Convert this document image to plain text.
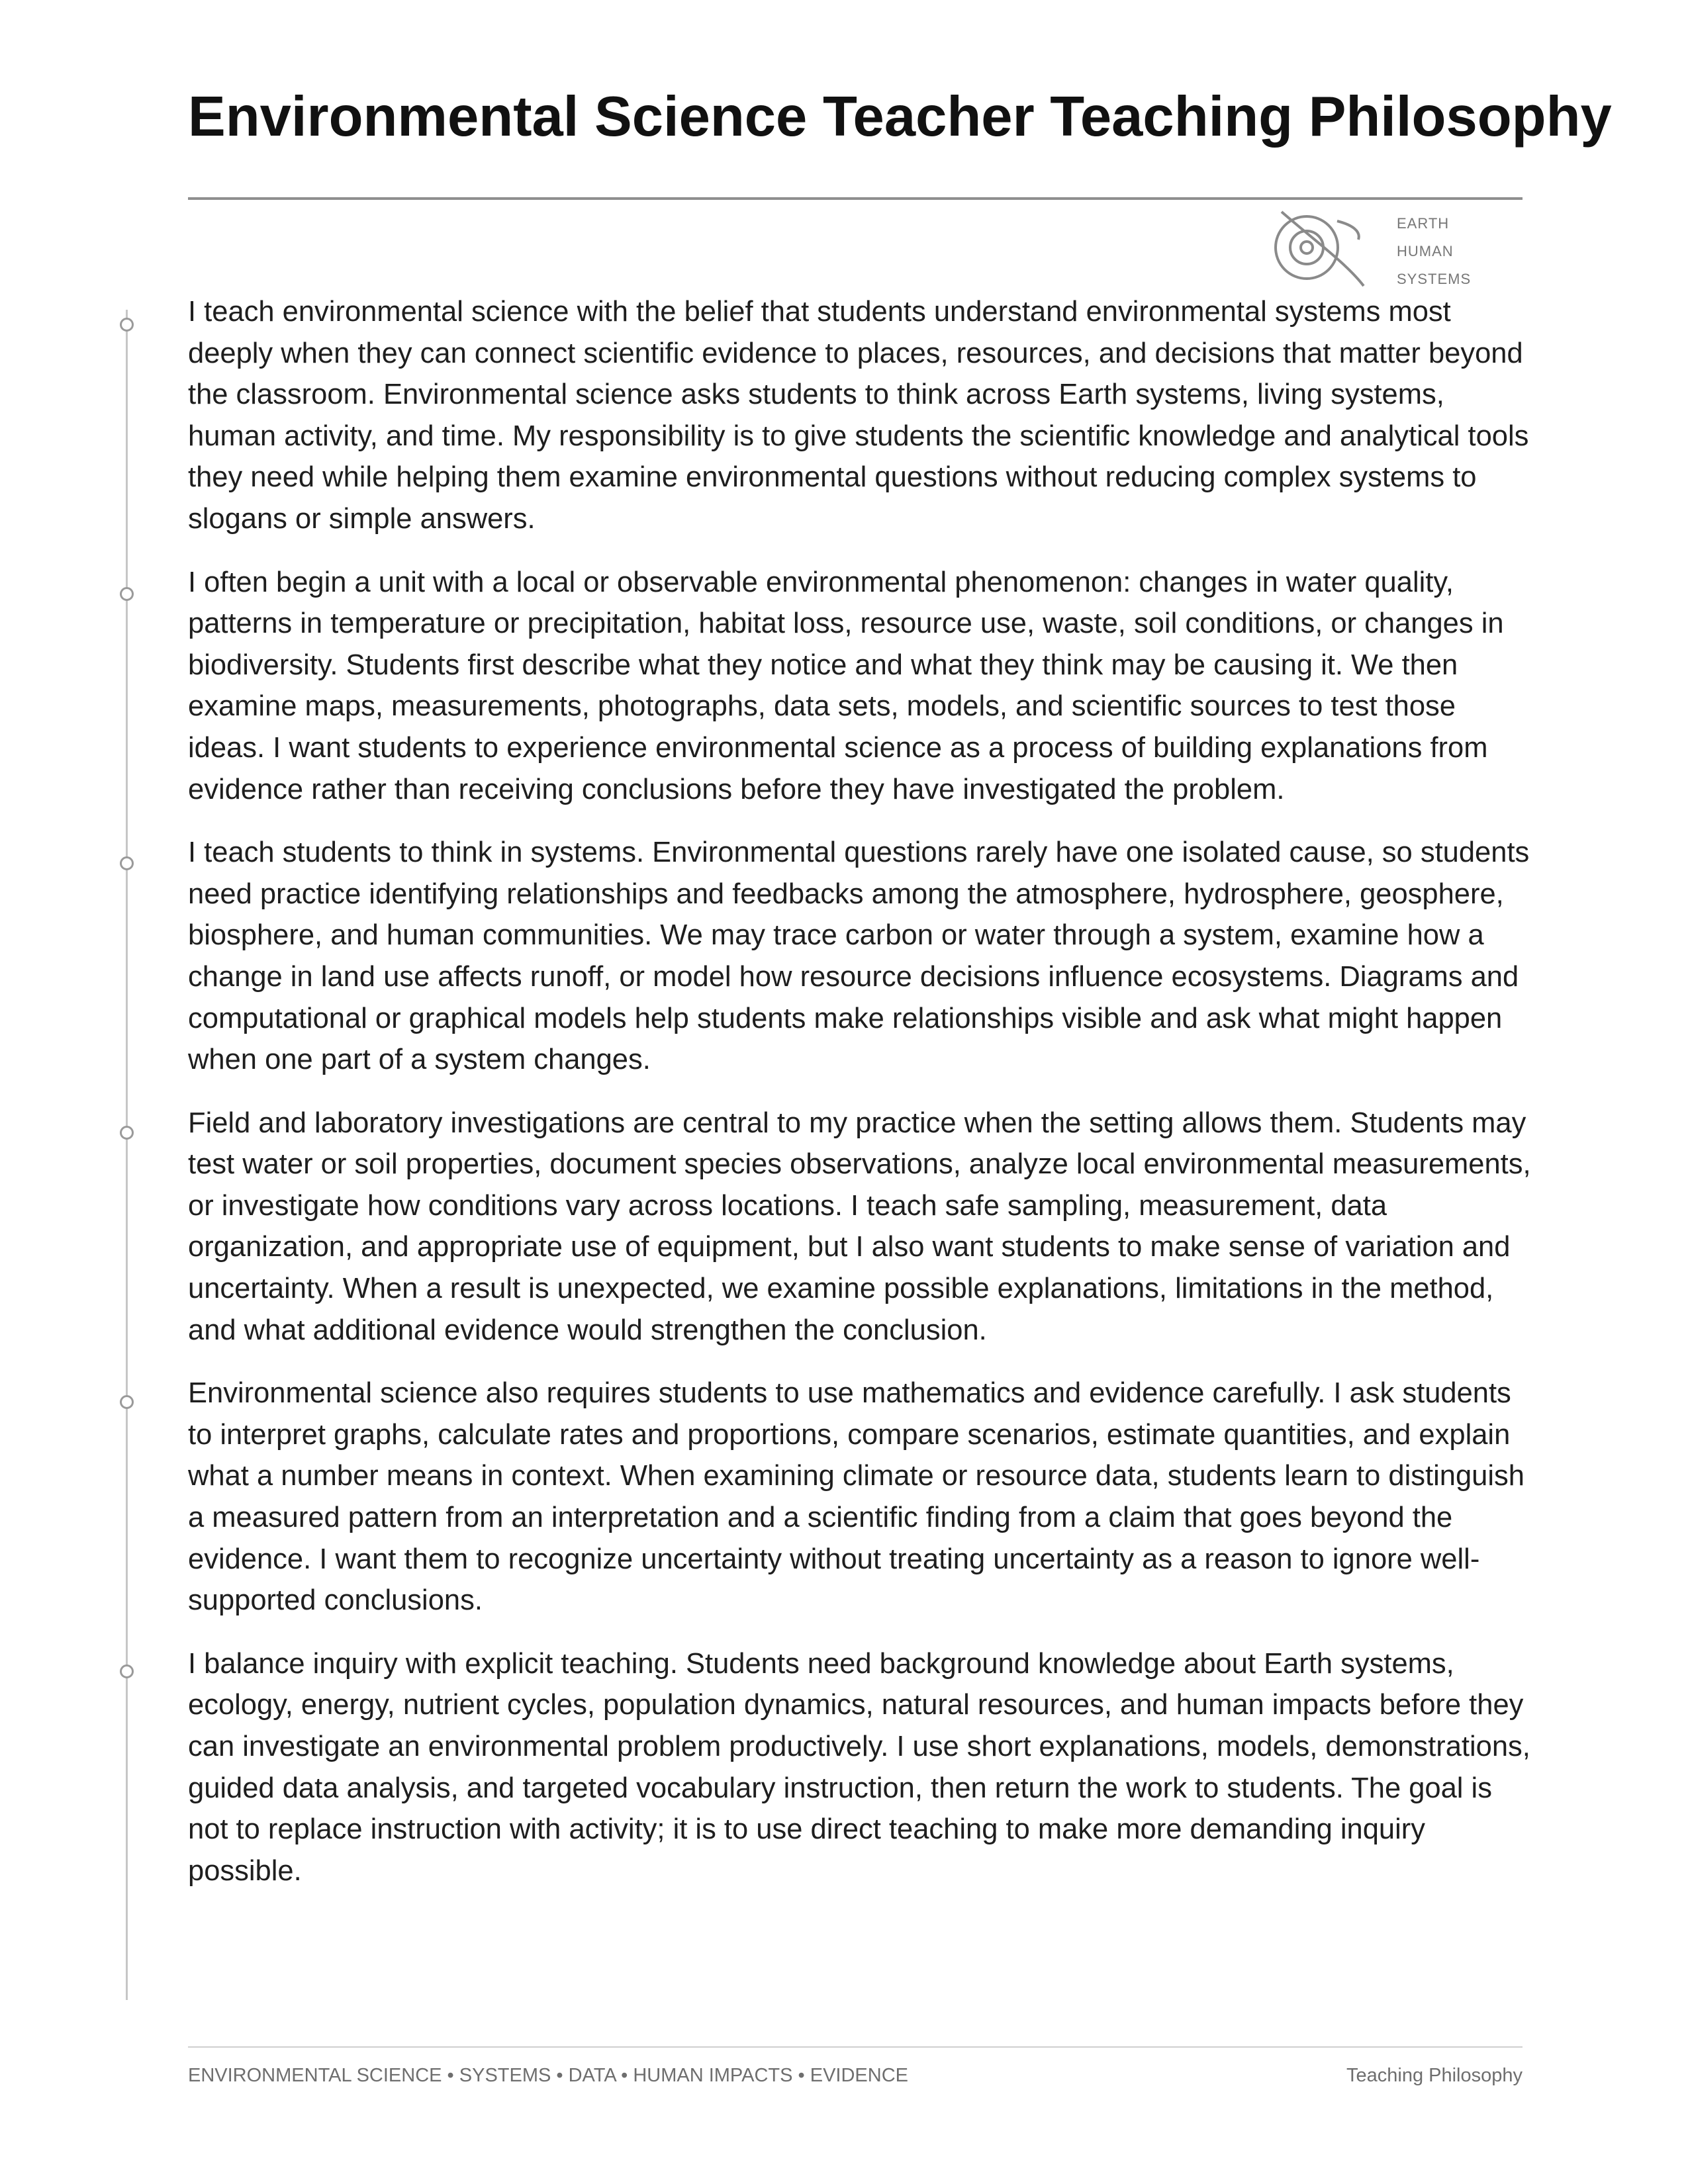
Environmental Science Teacher Teaching Philosophy
EARTH
HUMAN
SYSTEMS

I teach environmental science with the belief that students understand environmental systems most deeply when they can connect scientific evidence to places, resources, and decisions that matter beyond the classroom. Environmental science asks students to think across Earth systems, living systems, human activity, and time. My responsibility is to give students the scientific knowledge and analytical tools they need while helping them examine environmental questions without reducing complex systems to slogans or simple answers.

I often begin a unit with a local or observable environmental phenomenon: changes in water quality, patterns in temperature or precipitation, habitat loss, resource use, waste, soil conditions, or changes in biodiversity. Students first describe what they notice and what they think may be causing it. We then examine maps, measurements, photographs, data sets, models, and scientific sources to test those ideas. I want students to experience environmental science as a process of building explanations from evidence rather than receiving conclusions before they have investigated the problem.

I teach students to think in systems. Environmental questions rarely have one isolated cause, so students need practice identifying relationships and feedbacks among the atmosphere, hydrosphere, geosphere, biosphere, and human communities. We may trace carbon or water through a system, examine how a change in land use affects runoff, or model how resource decisions influence ecosystems. Diagrams and computational or graphical models help students make relationships visible and ask what might happen when one part of a system changes.

Field and laboratory investigations are central to my practice when the setting allows them. Students may test water or soil properties, document species observations, analyze local environmental measurements, or investigate how conditions vary across locations. I teach safe sampling, measurement, data organization, and appropriate use of equipment, but I also want students to make sense of variation and uncertainty. When a result is unexpected, we examine possible explanations, limitations in the method, and what additional evidence would strengthen the conclusion.

Environmental science also requires students to use mathematics and evidence carefully. I ask students to interpret graphs, calculate rates and proportions, compare scenarios, estimate quantities, and explain what a number means in context. When examining climate or resource data, students learn to distinguish a measured pattern from an interpretation and a scientific finding from a claim that goes beyond the evidence. I want them to recognize uncertainty without treating uncertainty as a reason to ignore well-supported conclusions.

I balance inquiry with explicit teaching. Students need background knowledge about Earth systems, ecology, energy, nutrient cycles, population dynamics, natural resources, and human impacts before they can investigate an environmental problem productively. I use short explanations, models, demonstrations, guided data analysis, and targeted vocabulary instruction, then return the work to students. The goal is not to replace instruction with activity; it is to use direct teaching to make more demanding inquiry possible.

ENVIRONMENTAL SCIENCE • SYSTEMS • DATA • HUMAN IMPACTS • EVIDENCE	Teaching Philosophy
